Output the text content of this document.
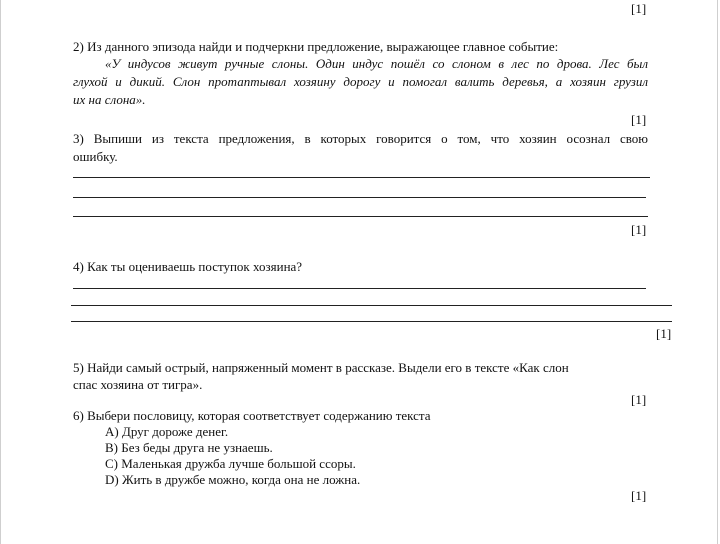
[1]
2) Из данного эпизода найди и подчеркни предложение, выражающее главное событие:
«У индусов живут ручные слоны. Один индус пошёл со слоном в лес по дрова. Лес был
глухой и дикий. Слон протаптывал хозяину дорогу и помогал валить деревья, а хозяин грузил
их на слона».
[1]
3) Выпиши из текста предложения, в которых говорится о том, что хозяин осознал свою
ошибку.
[1]
4) Как ты оцениваешь поступок хозяина?
[1]
5) Найди самый острый, напряженный момент в рассказе. Выдели его в тексте «Как слон
спас хозяина от тигра».
[1]
6) Выбери пословицу, которая соответствует содержанию текста
A) Друг дороже денег.
B) Без беды друга не узнаешь.
C) Маленькая дружба лучше большой ссоры.
D) Жить в дружбе можно, когда она не ложна.
[1]
